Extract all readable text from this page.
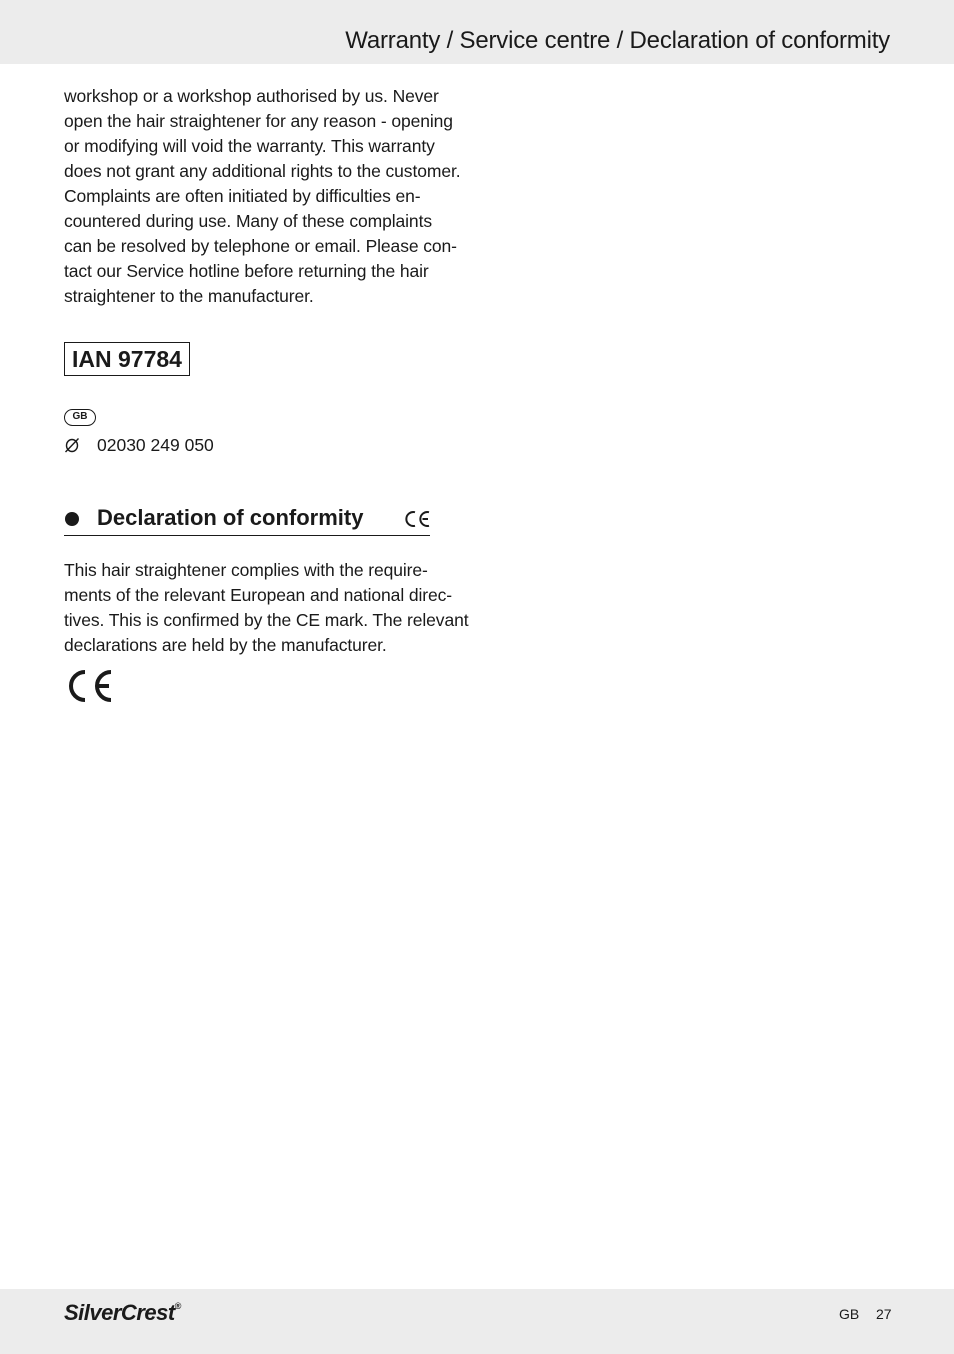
Warranty / Service centre / Declaration of conformity

workshop or a workshop authorised by us. Never
open the hair straightener for any reason - opening
or modifying will void the warranty. This warranty
does not grant any additional rights to the customer.
Complaints are often initiated by difficulties en-
countered during use. Many of these complaints
can be resolved by telephone or email. Please con-
tact our Service hotline before returning the hair
straightener to the manufacturer.

IAN 97784
GB
02030 249 050
Declaration of conformity

This hair straightener complies with the require-
ments of the relevant European and national direc-
tives. This is confirmed by the CE mark. The relevant
declarations are held by the manufacturer.

SilverCrest®	GB 27
